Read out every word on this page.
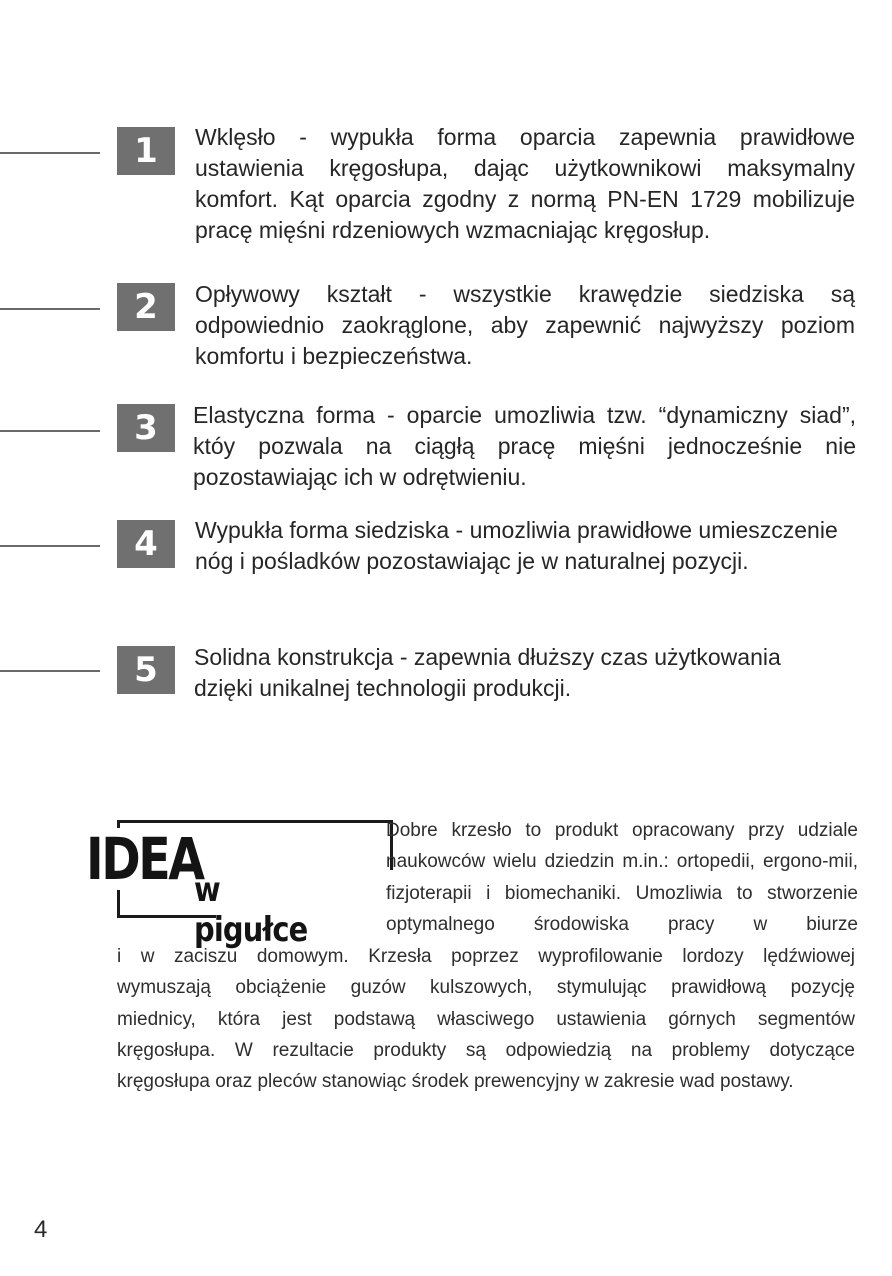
1	Wklęsło - wypukła forma oparcia zapewnia prawidłowe ustawienia kręgosłupa, dając użytkownikowi maksymalny komfort. Kąt oparcia zgodny z normą PN-EN 1729 mobilizuje pracę mięśni rdzeniowych wzmacniając kręgosłup.
2	Opływowy kształt - wszystkie krawędzie siedziska są odpowiednio zaokrąglone, aby zapewnić najwyższy poziom komfortu i bezpieczeństwa.
3	Elastyczna forma - oparcie umozliwia tzw. “dynamiczny siad”, któy pozwala na ciągłą pracę mięśni jednocześnie nie pozostawiając ich w odrętwieniu.
4	Wypukła forma siedziska - umozliwia prawidłowe umieszczenie nóg i pośladków pozostawiając je w naturalnej pozycji.
5	Solidna konstrukcja - zapewnia dłuższy czas użytkowania dzięki unikalnej technologii produkcji.
IDEA
w pigułce
Dobre krzesło to produkt opracowany przy udziale naukowców wielu dziedzin m.in.: ortopedii, ergono-mii, fizjoterapii i biomechaniki. Umozliwia to stworzenie optymalnego środowiska pracy w biurze
i w zaciszu domowym. Krzesła poprzez wyprofilowanie lordozy lędźwiowej
wymuszają obciążenie guzów kulszowych, stymulując prawidłową pozycję
miednicy, która jest podstawą własciwego ustawienia górnych segmentów
kręgosłupa. W rezultacie produkty są odpowiedzią na problemy dotyczące
kręgosłupa oraz pleców stanowiąc środek prewencyjny w zakresie wad postawy.
4
